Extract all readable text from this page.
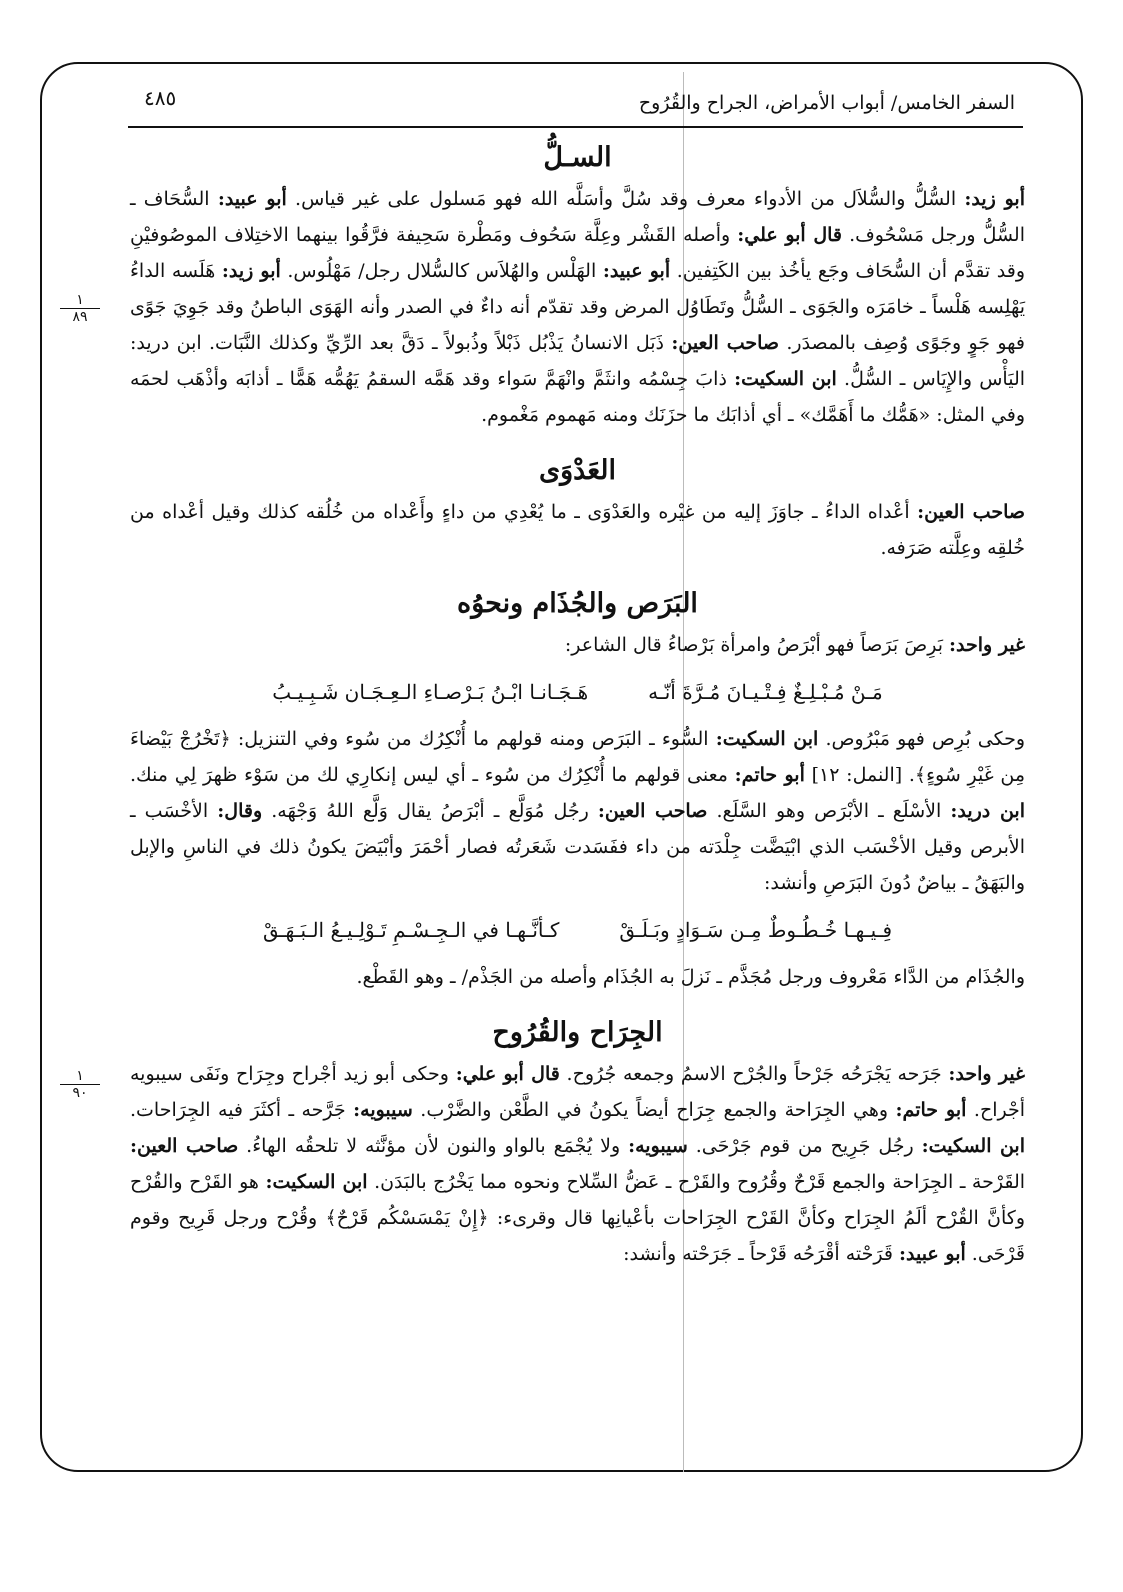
السفر الخامس/ أبواب الأمراض، الجراح والقُرُوح
٤٨٥
١
٨٩
١
٩٠
السـلُّ

أبو زيد: السُّلُّ والسُّلاَل من الأدواء معرف وقد سُلَّ وأسَلَّه الله فهو مَسلول على غير قياس. أبو عبيد: السُّحَاف ـ السُّلُّ ورجل مَسْحُوف. قال أبو علي: وأصله القَشْر وعِلَّة سَحُوف ومَطْرة سَحِيفة فرَّقُوا بينهما الاختِلاف الموصُوفيْنِ وقد تقدَّم أن السُّحَاف وجَع يأخُذ بين الكَتِفين. أبو عبيد: الهَلْس والهُلاَس كالسُّلال رجل/ مَهْلُوس. أبو زيد: هَلَسه الداءُ يَهْلِسه هَلْساً ـ خامَرَه والجَوَى ـ السُّلُّ وتَطَاوُل المرض وقد تقدّم أنه داءٌ في الصدر وأنه الهَوَى الباطنُ وقد جَوِيَ جَوًى فهو جَوٍ وجَوًى وُصِف بالمصدَر. صاحب العين: ذَبَل الانسانُ يَذْبُل ذَبْلاً وذُبولاً ـ دَقَّ بعد الرِّيِّ وكذلك النَّبَات. ابن دريد: اليَأْس والإِيَاس ـ السُّلُّ. ابن السكيت: ذابَ جِسْمُه وانثَمَّ وانْهَمَّ سَواء وقد هَمَّه السقمُ يَهُمُّه هَمًّا ـ أذابَه وأذْهَب لحمَه وفي المثل: «هَمُّك ما أَهَمَّك» ـ أي أذابَك ما حزَنَك ومنه مَهموم مَغْموم.

العَدْوَى

صاحب العين: أعْداه الداءُ ـ جاوَزَ إليه من غيْره والعَدْوَى ـ ما يُعْدِي من داءٍ وأَعْداه من خُلُقه كذلك وقيل أعْداه من خُلقِه وعِلَّته صَرَفه.

البَرَص والجُذَام ونحوُه

غير واحد: بَرِصَ بَرَصاً فهو أبْرَصُ وامرأة بَرْصاءُ قال الشاعر:

مَـنْ مُـبْـلِـغٌ فِـتْـيـانَ مُـرَّةَ أنّـه
هَـجَـانـا ابْـنُ بَـرْصـاءِ الـعِـجَـان شَـبِـيـبُ

وحكى بُرِص فهو مَبْرُوص. ابن السكيت: السُّوء ـ البَرَص ومنه قولهم ما أُنْكِرُك من سُوء وفي التنزيل: ﴿تَخْرُجْ بَيْضاءَ مِن غَيْرِ سُوءٍ﴾. [النمل: ١٢] أبو حاتم: معنى قولهم ما أُنْكِرُك من سُوء ـ أي ليس إنكارِي لك من سَوْء ظهرَ لِي منك. ابن دريد: الأسْلَع ـ الأبْرَص وهو السَّلَع. صاحب العين: رجُل مُوَلَّع ـ أبْرَصُ يقال وَلَّع اللهُ وَجْهَه. وقال: الأخْسَب ـ الأبرص وقيل الأخْسَب الذي ابْيَضَّت جِلْدَته من داء ففَسَدت شَعَرتُه فصار أحْمَرَ وأبْيَضَ يكونُ ذلك في الناسِ والإبل والبَهَقُ ـ بياضٌ دُونَ البَرَصِ وأنشد:

فِـيـهـا خُـطُـوطٌ مِـن سَـوَادٍ وبَـلَـقْ
كـأنَّـهـا في الـجِـسْـمِ تَـوْلِـيـعُ الـبَـهَـقْ

والجُذَام من الدَّاء مَعْروف ورجل مُجَذَّم ـ نَزلَ به الجُذَام وأصله من الجَذْم/ ـ وهو القَطْع.

الجِرَاح والقُرُوح

غير واحد: جَرَحه يَجْرَحُه جَرْحاً والجُرْح الاسمُ وجمعه جُرُوح. قال أبو علي: وحكى أبو زيد أجْراح وجِرَاح ونَفَى سيبويه أجْراح. أبو حاتم: وهي الجِرَاحة والجمع جِرَاح أيضاً يكونُ في الطَّعْن والضَّرْب. سيبويه: جَرَّحه ـ أكثَرَ فيه الجِرَاحات. ابن السكيت: رجُل جَرِيح من قوم جَرْحَى. سيبويه: ولا يُجْمَع بالواو والنون لأن مؤنَّثه لا تلحقُه الهاءُ. صاحب العين: القَرْحة ـ الجِرَاحة والجمع قَرْحٌ وقُرُوح والقَرْح ـ عَضُّ السِّلاح ونحوه مما يَخْرُج بالبَدَن. ابن السكيت: هو القَرْح والقُرْح وكأنَّ القُرْح ألَمُ الجِرَاح وكأنَّ القَرْح الجِرَاحات بأعْيانِها قال وقرىء: ﴿إِنْ يَمْسَسْكُم قَرْحٌ﴾ وقُرْح ورجل قَرِيح وقوم قَرْحَى. أبو عبيد: قَرَحْته أقْرَحُه قَرْحاً ـ جَرَحْته وأنشد:
